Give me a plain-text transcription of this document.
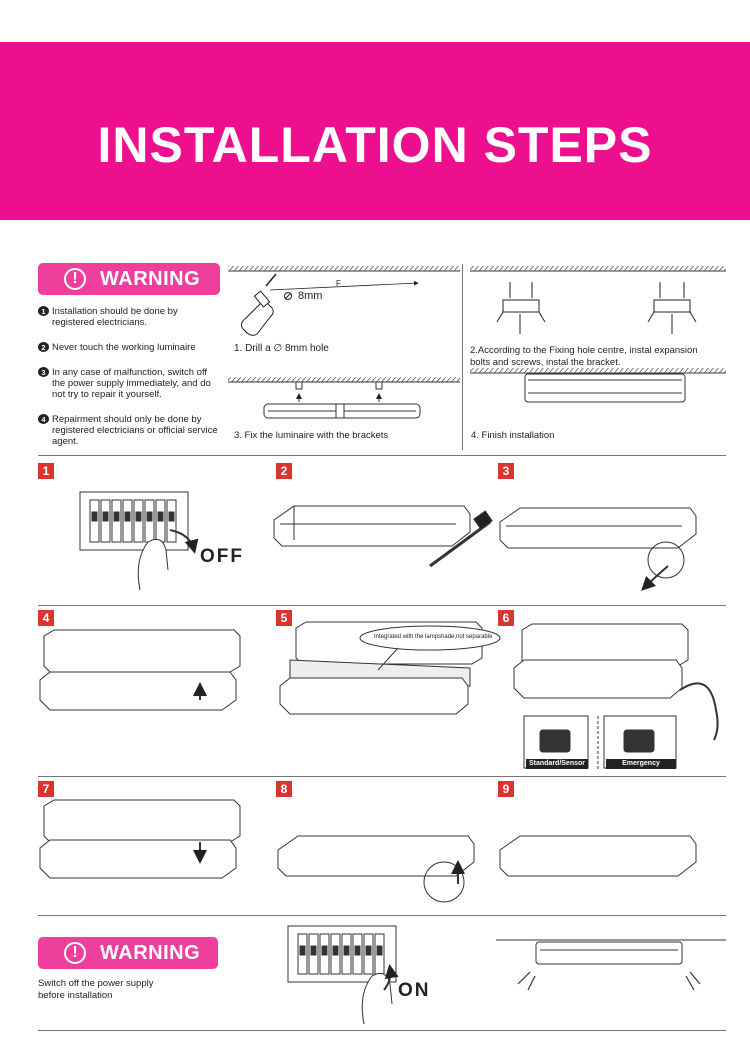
INSTALLATION STEPS
!	WARNING
1 Installation should be done by registered electricians.
2 Never touch the working luminaire
3 In any case of malfunction, switch off the power supply immediately, and do not try to repair it yourself.
4 Repairment should only be done by registered electricians or official service agent.
8mm
F
1. Drill a ∅ 8mm hole	2.According to the Fixing hole centre, instal expansion bolts and screws, instal the bracket.
3. Fix the luminaire with the brackets	4. Finish installation
1	2	3
4	5	6
7	8	9
OFF
Integrated with the lampshade,not separable
Standard/Sensor	Emergency
!	WARNING
Switch off the power supply before installation	ON
